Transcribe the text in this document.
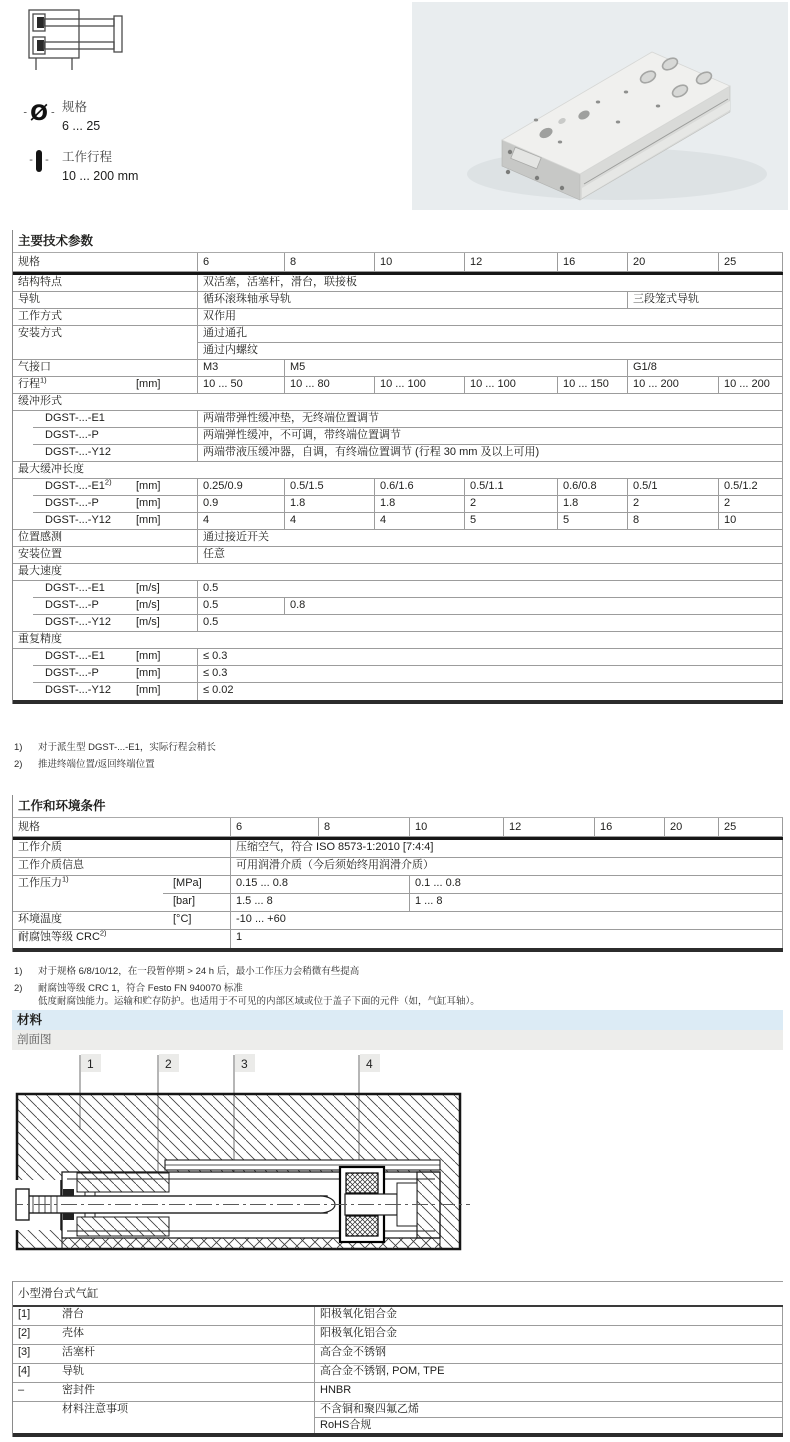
- Ø - 规格
6 ... 25
- -	工作行程
10 ... 200 mm
主要技术参数
规格	6	8	10	12	16	20	25
结构特点	双活塞，活塞杆，滑台，联接板
导轨	循环滚珠轴承导轨	三段笼式导轨
工作方式	双作用
安装方式	通过通孔
通过内螺纹
气接口	M3	M5	G1/8
行程$^{1)}$	[mm]	10 ... 50	10 ... 80	10 ... 100	10 ... 100	10 ... 150	10 ... 200	10 ... 200
缓冲形式
DGST-...-E1	两端带弹性缓冲垫，无终端位置调节
DGST-...-P	两端弹性缓冲，不可调，带终端位置调节
DGST-...-Y12	两端带液压缓冲器，自调，有终端位置调节 (行程 30 mm 及以上可用)
最大缓冲长度
DGST-...-E1$^{2)}$ [mm]	0.25/0.9	0.5/1.5	0.6/1.6	0.5/1.1	0.6/0.8	0.5/1	0.5/1.2
DGST-...-P	[mm]	0.9	1.8	1.8	2	1.8	2	2
DGST-...-Y12 [mm]	4	4	4	5	5	8	10
位置感测	通过接近开关
安装位置	任意
最大速度
DGST-...-E1	[m/s]	0.5
DGST-...-P	[m/s]	0.5	0.8
DGST-...-Y12 [m/s]	0.5
重复精度
DGST-...-E1	[mm]	≤ 0.3
DGST-...-P	[mm]	≤ 0.3
DGST-...-Y12 [mm]	≤ 0.02
1)	对于派生型 DGST-...-E1，实际行程会稍长
2)	推进终端位置/返回终端位置
工作和环境条件
规格	6	8	10	12	16	20	25
工作介质	压缩空气，符合 ISO 8573-1:2010 [7:4:4]
工作介质信息	可用润滑介质（今后须始终用润滑介质）
工作压力$^{1)}$	[MPa]	0.15 ... 0.8	0.1 ... 0.8
[bar]	1.5 ... 8	1 ... 8
环境温度	[°C]	-10 ... +60
耐腐蚀等级 CRC$^{2)}$	1
1)	对于规格 6/8/10/12，在一段暂停期 > 24 h 后，最小工作压力会稍微有些提高
2)	耐腐蚀等级 CRC 1，符合 Festo FN 940070 标准
低度耐腐蚀能力。运输和贮存防护。也适用于不可见的内部区域或位于盖子下面的元件（如，气缸耳轴）。
材料
剖面图
1	2	3	4
小型滑台式气缸
[1]	滑台	阳极氧化铝合金
[2]	壳体	阳极氧化铝合金
[3]	活塞杆	高合金不锈钢
[4]	导轨	高合金不锈钢, POM, TPE
–	密封件	HNBR
材料注意事项	不含铜和聚四氟乙烯
RoHS合规
